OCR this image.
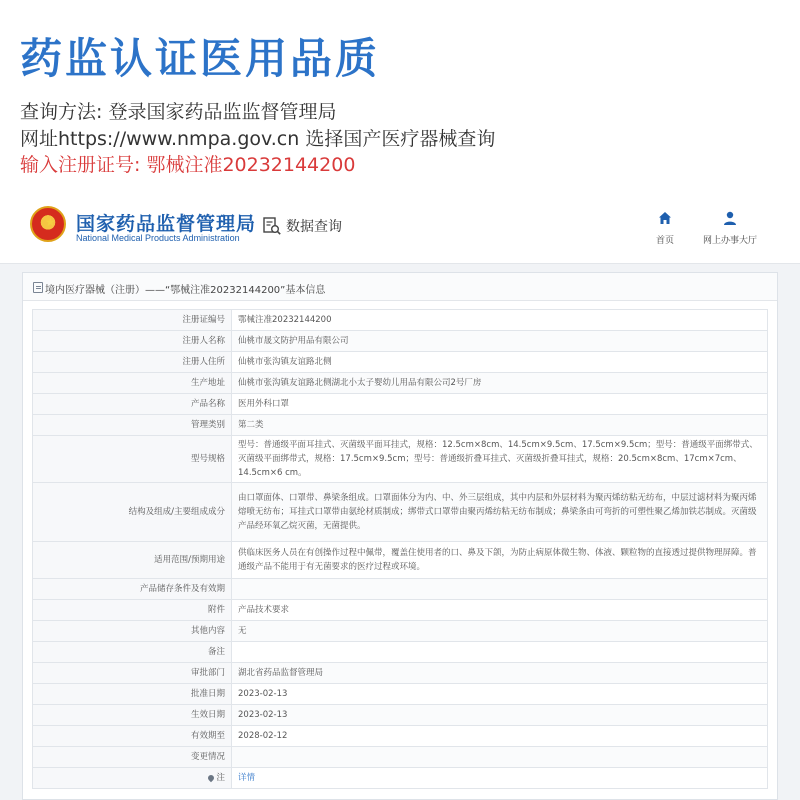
药监认证医用品质
查询方法: 登录国家药品监监督管理局
网址https://www.nmpa.gov.cn 选择国产医疗器械查询
输入注册证号: 鄂械注准20232144200
★ 国家药品监督管理局
National Medical Products Administration
数据查询
首页	网上办事大厅
境内医疗器械（注册）——“鄂械注准20232144200”基本信息
注册证编号	鄂械注准20232144200
注册人名称	仙桃市晟文防护用品有限公司
注册人住所	仙桃市张沟镇友谊路北侧
生产地址	仙桃市张沟镇友谊路北侧湖北小太子婴幼儿用品有限公司2号厂房
产品名称	医用外科口罩
管理类别	第二类
型号规格	型号：普通级平面耳挂式、灭菌级平面耳挂式，规格：12.5cm×8cm、14.5cm×9.5cm、17.5cm×9.5cm；型号：普通级平面绑带式、灭菌级平面绑带式，规格：17.5cm×9.5cm；型号：普通级折叠耳挂式、灭菌级折叠耳挂式，规格：20.5cm×8cm、17cm×7cm、14.5cm×6 cm。
结构及组成/主要组成成分	由口罩面体、口罩带、鼻梁条组成。口罩面体分为内、中、外三层组成，其中内层和外层材料为聚丙烯纺粘无纺布，中层过滤材料为聚丙烯熔喷无纺布；耳挂式口罩带由氨纶材质制成；绑带式口罩带由聚丙烯纺粘无纺布制成；鼻梁条由可弯折的可塑性聚乙烯加铁芯制成。灭菌级产品经环氧乙烷灭菌，无菌提供。
适用范围/预期用途	供临床医务人员在有创操作过程中佩带，覆盖住使用者的口、鼻及下颌，为防止病原体微生物、体液、颗粒物的直接透过提供物理屏障。普通级产品不能用于有无菌要求的医疗过程或环境。
产品储存条件及有效期	
附件	产品技术要求
其他内容	无
备注	
审批部门	湖北省药品监督管理局
批准日期	2023-02-13
生效日期	2023-02-13
有效期至	2028-02-12
变更情况	

注	详情
